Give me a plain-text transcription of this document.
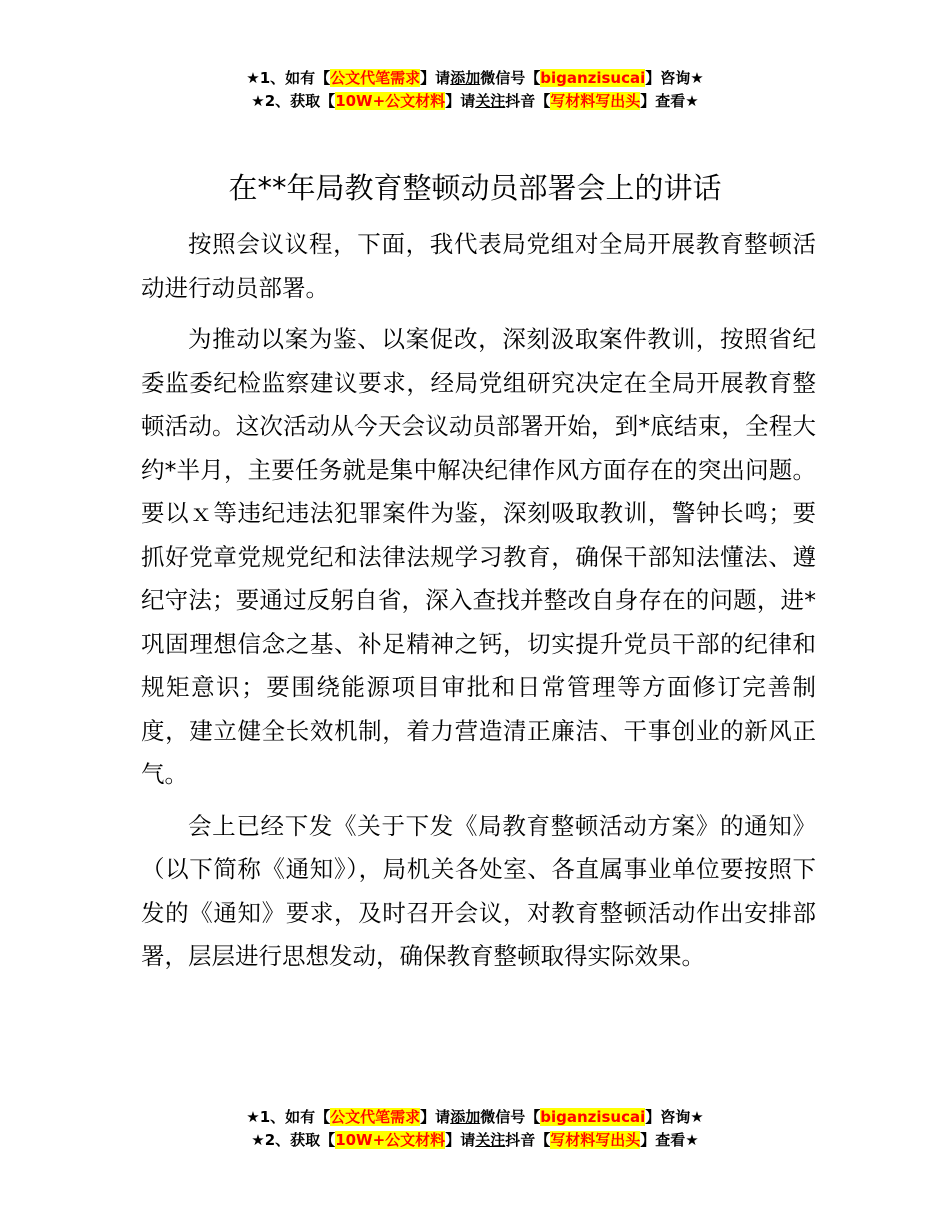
★1、如有【公文代笔需求】请添加微信号【biganzisucai】咨询★
★2、获取【10W+公文材料】请关注抖音【写材料写出头】查看★
在**年局教育整顿动员部署会上的讲话

按照会议议程，下面，我代表局党组对全局开展教育整顿活动进行动员部署。

为推动以案为鉴、以案促改，深刻汲取案件教训，按照省纪委监委纪检监察建议要求，经局党组研究决定在全局开展教育整顿活动。这次活动从今天会议动员部署开始，到*底结束，全程大约*半月，主要任务就是集中解决纪律作风方面存在的突出问题。要以ｘ等违纪违法犯罪案件为鉴，深刻吸取教训，警钟长鸣；要抓好党章党规党纪和法律法规学习教育，确保干部知法懂法、遵纪守法；要通过反躬自省，深入查找并整改自身存在的问题，进*巩固理想信念之基、补足精神之钙，切实提升党员干部的纪律和规矩意识；要围绕能源项目审批和日常管理等方面修订完善制度，建立健全长效机制，着力营造清正廉洁、干事创业的新风正气。

会上已经下发《关于下发《局教育整顿活动方案》的通知》（以下简称《通知》），局机关各处室、各直属事业单位要按照下发的《通知》要求，及时召开会议，对教育整顿活动作出安排部署，层层进行思想发动，确保教育整顿取得实际效果。

★1、如有【公文代笔需求】请添加微信号【biganzisucai】咨询★
★2、获取【10W+公文材料】请关注抖音【写材料写出头】查看★
